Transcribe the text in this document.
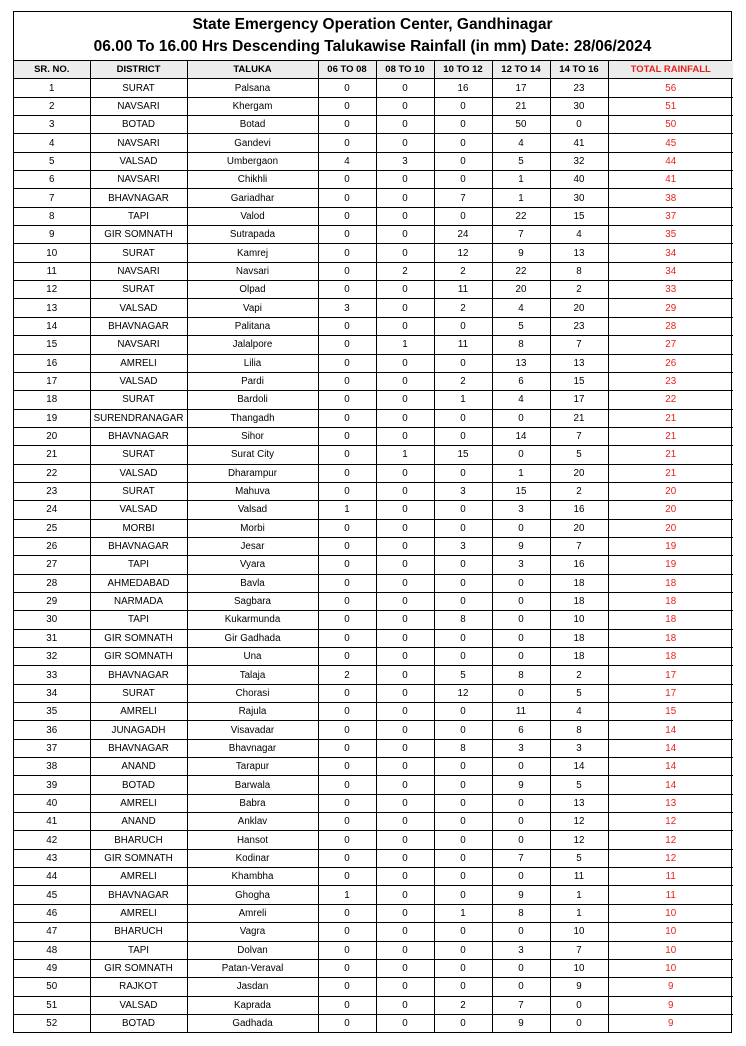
State Emergency Operation Center, Gandhinagar
06.00 To 16.00 Hrs Descending Talukawise Rainfall (in mm) Date: 28/06/2024
SR. NO.	DISTRICT	TALUKA	06 TO 08	08 TO 10	10 TO 12	12 TO 14	14 TO 16	TOTAL RAINFALL
1	SURAT	Palsana	0	0	16	17	23	56
2	NAVSARI	Khergam	0	0	0	21	30	51
3	BOTAD	Botad	0	0	0	50	0	50
4	NAVSARI	Gandevi	0	0	0	4	41	45
5	VALSAD	Umbergaon	4	3	0	5	32	44
6	NAVSARI	Chikhli	0	0	0	1	40	41
7	BHAVNAGAR	Gariadhar	0	0	7	1	30	38
8	TAPI	Valod	0	0	0	22	15	37
9	GIR SOMNATH	Sutrapada	0	0	24	7	4	35
10	SURAT	Kamrej	0	0	12	9	13	34
11	NAVSARI	Navsari	0	2	2	22	8	34
12	SURAT	Olpad	0	0	11	20	2	33
13	VALSAD	Vapi	3	0	2	4	20	29
14	BHAVNAGAR	Palitana	0	0	0	5	23	28
15	NAVSARI	Jalalpore	0	1	11	8	7	27
16	AMRELI	Lilia	0	0	0	13	13	26
17	VALSAD	Pardi	0	0	2	6	15	23
18	SURAT	Bardoli	0	0	1	4	17	22
19	SURENDRANAGAR	Thangadh	0	0	0	0	21	21
20	BHAVNAGAR	Sihor	0	0	0	14	7	21
21	SURAT	Surat City	0	1	15	0	5	21
22	VALSAD	Dharampur	0	0	0	1	20	21
23	SURAT	Mahuva	0	0	3	15	2	20
24	VALSAD	Valsad	1	0	0	3	16	20
25	MORBI	Morbi	0	0	0	0	20	20
26	BHAVNAGAR	Jesar	0	0	3	9	7	19
27	TAPI	Vyara	0	0	0	3	16	19
28	AHMEDABAD	Bavla	0	0	0	0	18	18
29	NARMADA	Sagbara	0	0	0	0	18	18
30	TAPI	Kukarmunda	0	0	8	0	10	18
31	GIR SOMNATH	Gir Gadhada	0	0	0	0	18	18
32	GIR SOMNATH	Una	0	0	0	0	18	18
33	BHAVNAGAR	Talaja	2	0	5	8	2	17
34	SURAT	Chorasi	0	0	12	0	5	17
35	AMRELI	Rajula	0	0	0	11	4	15
36	JUNAGADH	Visavadar	0	0	0	6	8	14
37	BHAVNAGAR	Bhavnagar	0	0	8	3	3	14
38	ANAND	Tarapur	0	0	0	0	14	14
39	BOTAD	Barwala	0	0	0	9	5	14
40	AMRELI	Babra	0	0	0	0	13	13
41	ANAND	Anklav	0	0	0	0	12	12
42	BHARUCH	Hansot	0	0	0	0	12	12
43	GIR SOMNATH	Kodinar	0	0	0	7	5	12
44	AMRELI	Khambha	0	0	0	0	11	11
45	BHAVNAGAR	Ghogha	1	0	0	9	1	11
46	AMRELI	Amreli	0	0	1	8	1	10
47	BHARUCH	Vagra	0	0	0	0	10	10
48	TAPI	Dolvan	0	0	0	3	7	10
49	GIR SOMNATH	Patan-Veraval	0	0	0	0	10	10
50	RAJKOT	Jasdan	0	0	0	0	9	9
51	VALSAD	Kaprada	0	0	2	7	0	9
52	BOTAD	Gadhada	0	0	0	9	0	9
